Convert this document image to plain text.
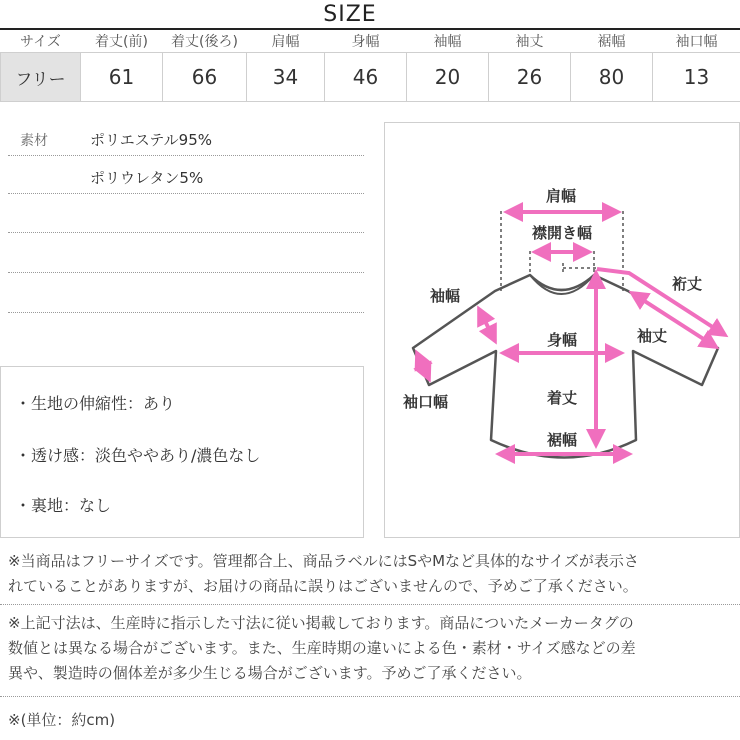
SIZE
サイズ	着丈(前)	着丈(後ろ)	肩幅	身幅	袖幅	袖丈	裾幅	袖口幅
フリー	61	66	34	46	20	26	80	13
素材	ポリエステル95%
ポリウレタン5%
・生地の伸縮性：あり
・透け感：淡色ややあり/濃色なし
・裏地：なし
肩幅
襟開き幅
裄丈
袖丈
袖幅
身幅
袖口幅	着丈
裾幅
※当商品はフリーサイズです。管理都合上、商品ラベルにはSやMなど具体的なサイズが表示さ
れていることがありますが、お届けの商品に誤りはございませんので、予めご了承ください。
※上記寸法は、生産時に指示した寸法に従い掲載しております。商品についたメーカータグの
数値とは異なる場合がございます。また、生産時期の違いによる色・素材・サイズ感などの差
異や、製造時の個体差が多少生じる場合がございます。予めご了承ください。
※(単位：約cm)
